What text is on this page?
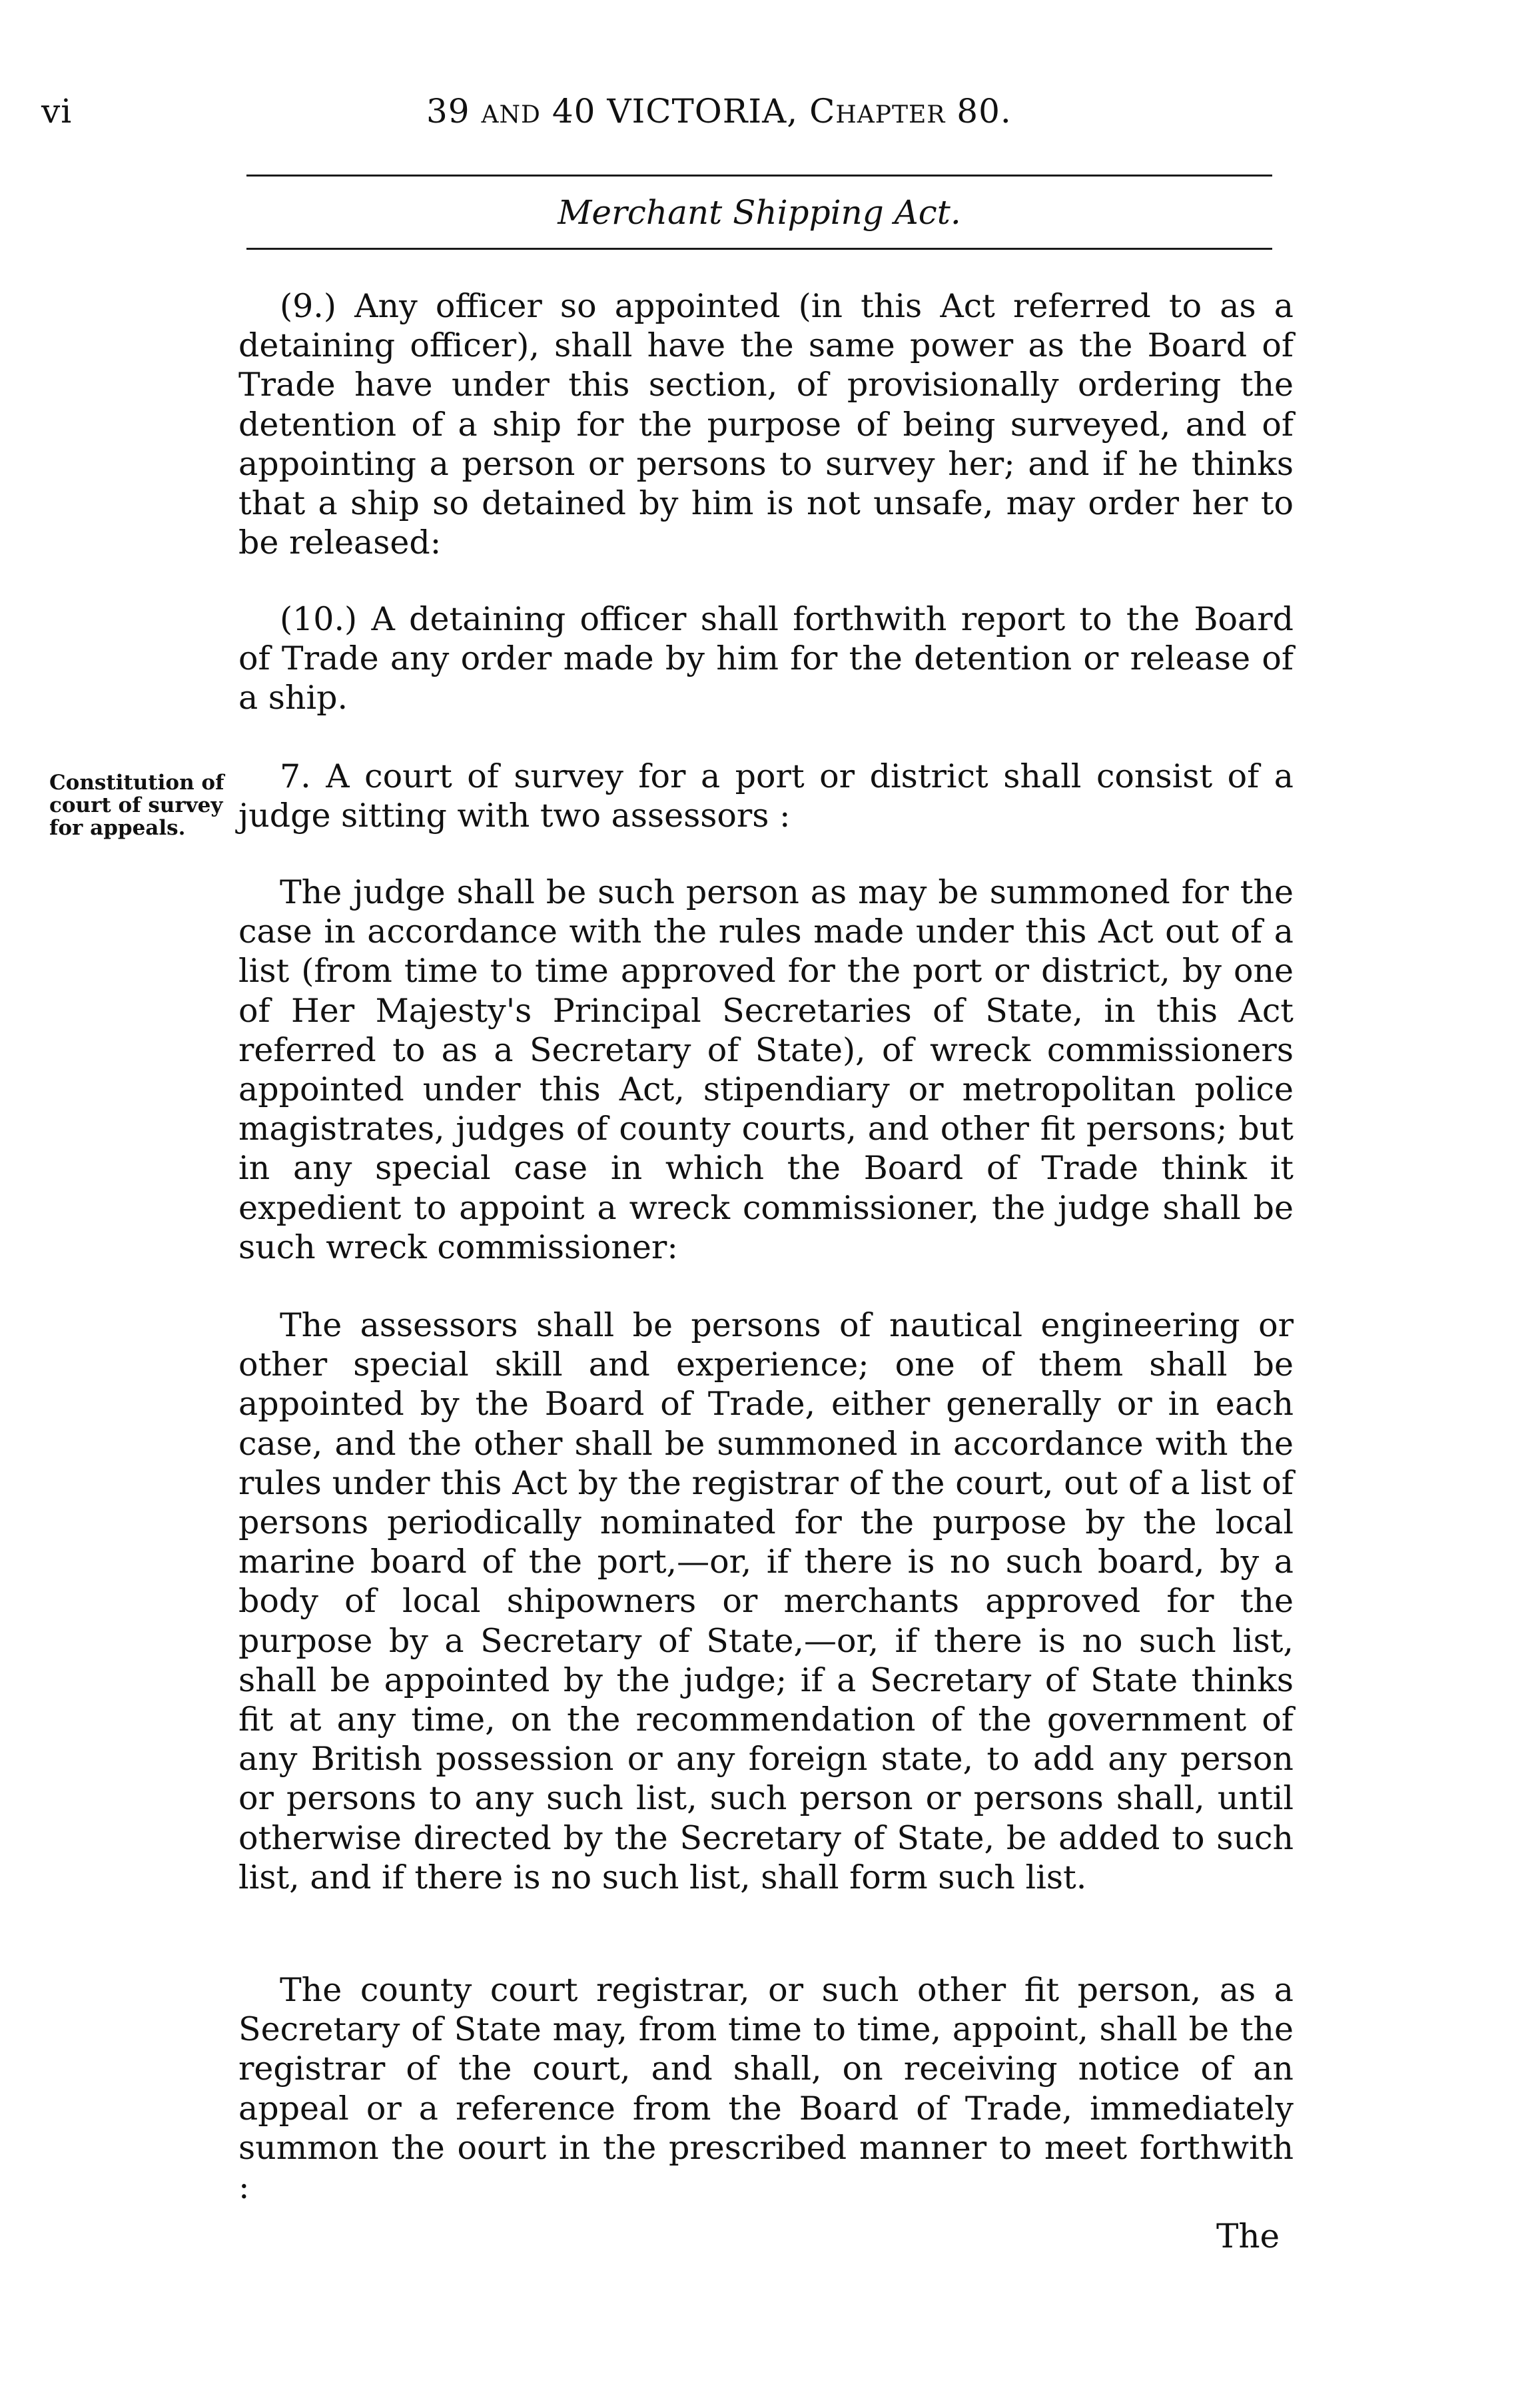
vi	39 AND 40 VICTORIA, CHAPTER 80.
Merchant Shipping Act.

(9.) Any officer so appointed (in this Act referred to as a detaining officer), shall have the same power as the Board of Trade have under this section, of provisionally ordering the detention of a ship for the purpose of being surveyed, and of appointing a person or persons to survey her; and if he thinks that a ship so detained by him is not unsafe, may order her to be released:

(10.) A detaining officer shall forthwith report to the Board of Trade any order made by him for the detention or release of a ship.

7. A court of survey for a port or district shall consist of a judge sitting with two assessors :

The judge shall be such person as may be summoned for the case in accordance with the rules made under this Act out of a list (from time to time approved for the port or district, by one of Her Majesty's Principal Secretaries of State, in this Act referred to as a Secretary of State), of wreck commissioners appointed under this Act, stipendiary or metropolitan police magistrates, judges of county courts, and other fit persons; but in any special case in which the Board of Trade think it expedient to appoint a wreck commissioner, the judge shall be such wreck commissioner:

The assessors shall be persons of nautical engineering or other special skill and experience; one of them shall be appointed by the Board of Trade, either generally or in each case, and the other shall be summoned in accordance with the rules under this Act by the registrar of the court, out of a list of persons periodically nominated for the purpose by the local marine board of the port,—or, if there is no such board, by a body of local shipowners or merchants approved for the purpose by a Secretary of State,—or, if there is no such list, shall be appointed by the judge; if a Secretary of State thinks fit at any time, on the recommendation of the government of any British possession or any foreign state, to add any person or persons to any such list, such person or persons shall, until otherwise directed by the Secretary of State, be added to such list, and if there is no such list, shall form such list.

The county court registrar, or such other fit person, as a Secretary of State may, from time to time, appoint, shall be the registrar of the court, and shall, on receiving notice of an appeal or a reference from the Board of Trade, immediately summon the oourt in the prescribed manner to meet forthwith :

Constitution of court of survey for appeals.
The
